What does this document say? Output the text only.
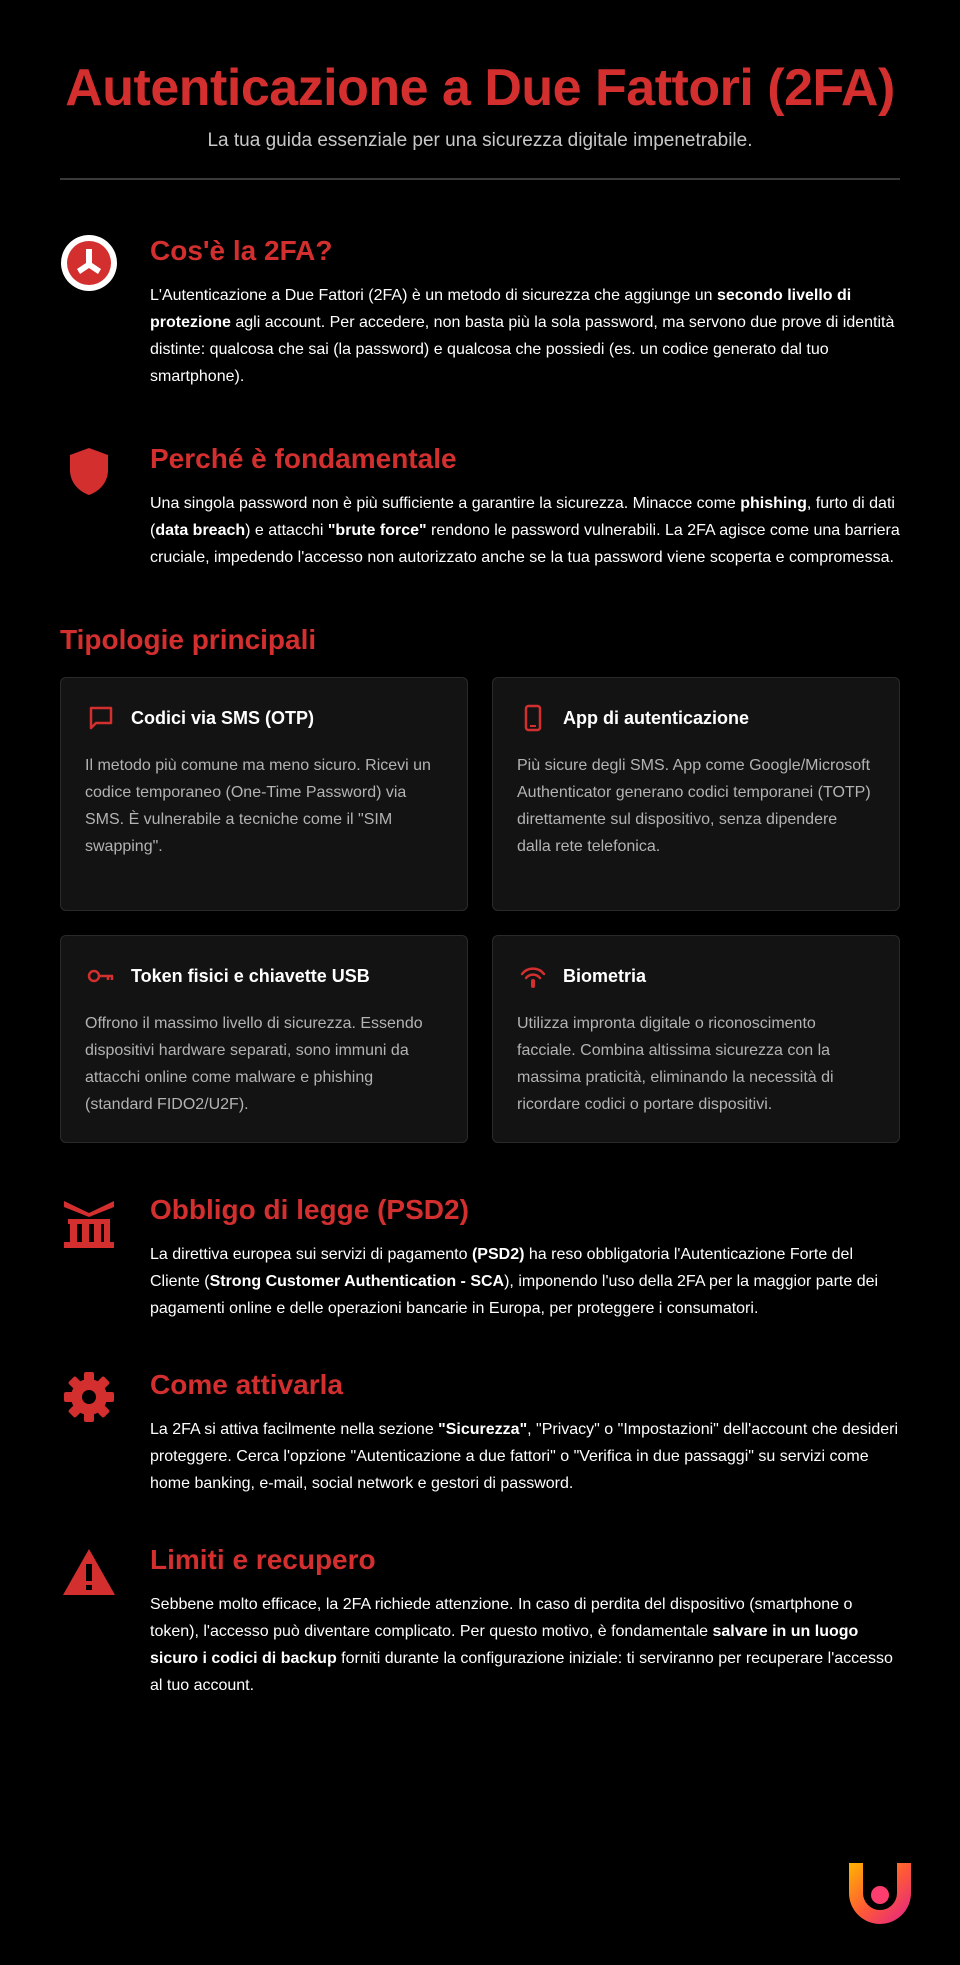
Autenticazione a Due Fattori (2FA)

La tua guida essenziale per una sicurezza digitale impenetrabile.

Cos'è la 2FA?

L'Autenticazione a Due Fattori (2FA) è un metodo di sicurezza che aggiunge un secondo livello di protezione agli account. Per accedere, non basta più la sola password, ma servono due prove di identità distinte: qualcosa che sai (la password) e qualcosa che possiedi (es. un codice generato dal tuo smartphone).

Perché è fondamentale

Una singola password non è più sufficiente a garantire la sicurezza. Minacce come phishing, furto di dati (data breach) e attacchi "brute force" rendono le password vulnerabili. La 2FA agisce come una barriera cruciale, impedendo l'accesso non autorizzato anche se la tua password viene scoperta e compromessa.

Tipologie principali
Codici via SMS (OTP)

Il metodo più comune ma meno sicuro. Ricevi un codice temporaneo (One-Time Password) via SMS. È vulnerabile a tecniche come il "SIM swapping".

App di autenticazione

Più sicure degli SMS. App come Google/Microsoft Authenticator generano codici temporanei (TOTP) direttamente sul dispositivo, senza dipendere dalla rete telefonica.

Token fisici e chiavette USB

Offrono il massimo livello di sicurezza. Essendo dispositivi hardware separati, sono immuni da attacchi online come malware e phishing (standard FIDO2/U2F).

Biometria

Utilizza impronta digitale o riconoscimento facciale. Combina altissima sicurezza con la massima praticità, eliminando la necessità di ricordare codici o portare dispositivi.

Obbligo di legge (PSD2)

La direttiva europea sui servizi di pagamento (PSD2) ha reso obbligatoria l'Autenticazione Forte del Cliente (Strong Customer Authentication - SCA), imponendo l'uso della 2FA per la maggior parte dei pagamenti online e delle operazioni bancarie in Europa, per proteggere i consumatori.

Come attivarla

La 2FA si attiva facilmente nella sezione "Sicurezza", "Privacy" o "Impostazioni" dell'account che desideri proteggere. Cerca l'opzione "Autenticazione a due fattori" o "Verifica in due passaggi" su servizi come home banking, e-mail, social network e gestori di password.

Limiti e recupero

Sebbene molto efficace, la 2FA richiede attenzione. In caso di perdita del dispositivo (smartphone o token), l'accesso può diventare complicato. Per questo motivo, è fondamentale salvare in un luogo sicuro i codici di backup forniti durante la configurazione iniziale: ti serviranno per recuperare l'accesso al tuo account.
